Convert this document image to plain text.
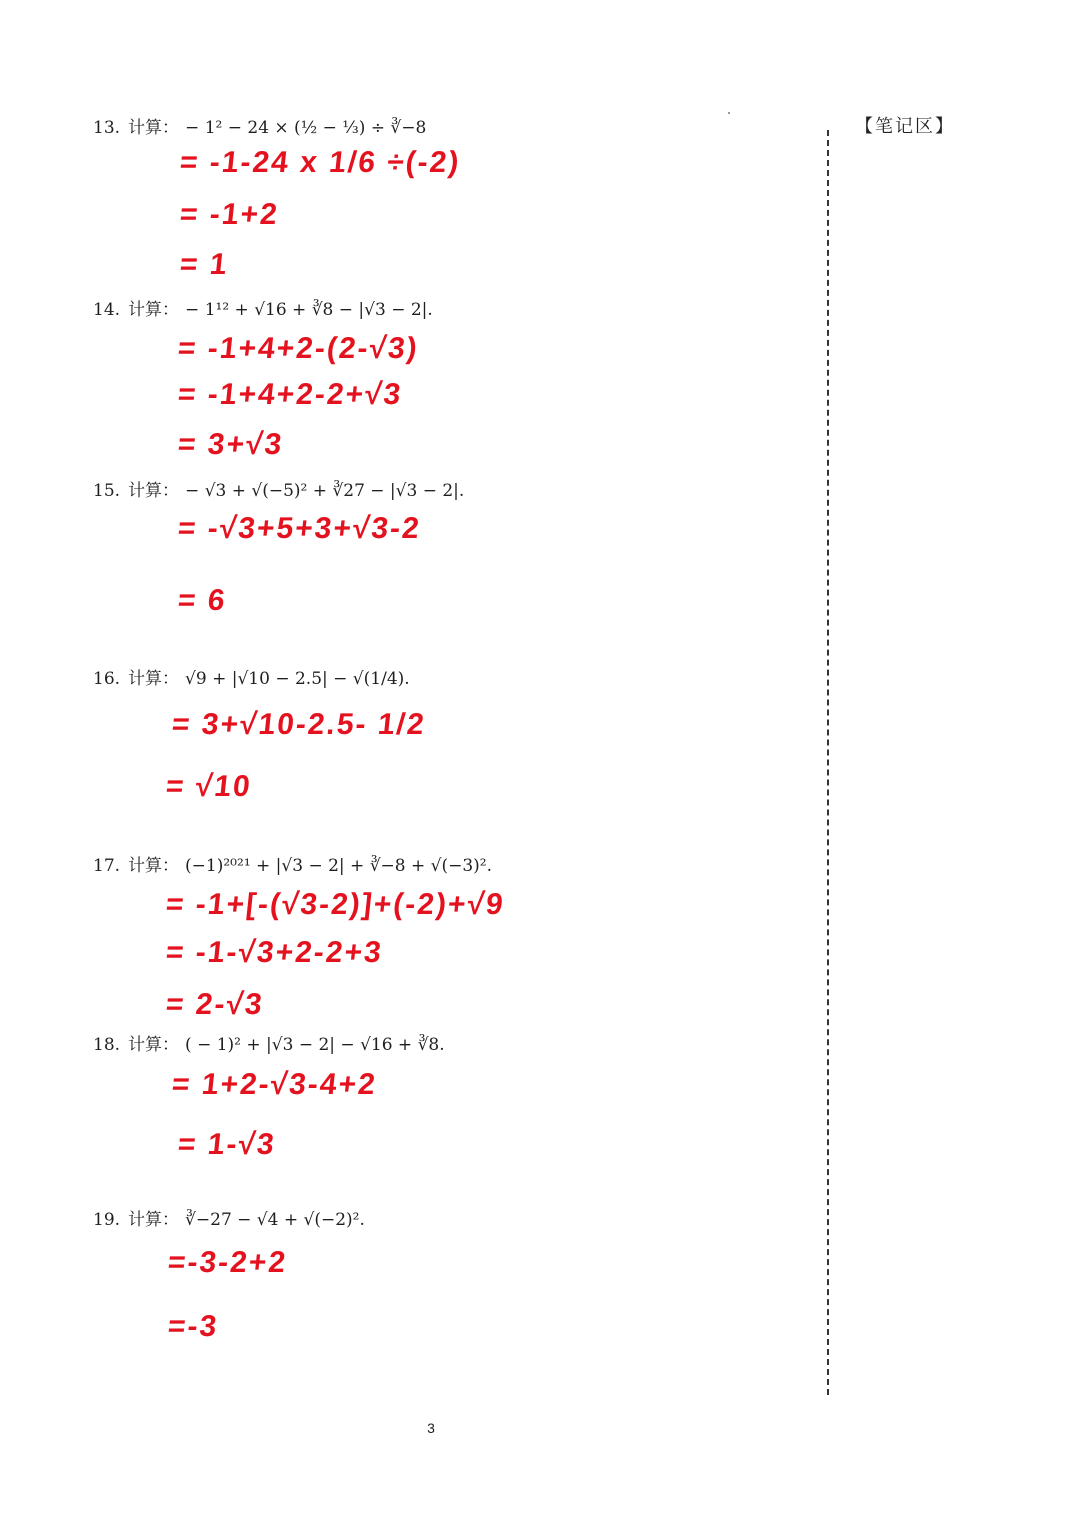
【笔记区】
13. 计算： − 1² − 24 × (½ − ⅓) ÷ ∛−8
= -1-24 x 1/6 ÷(-2)
= -1+2
= 1
14. 计算： − 1¹² + √16 + ∛8 − |√3 − 2|.
= -1+4+2-(2-√3)
= -1+4+2-2+√3
= 3+√3
15. 计算： − √3 + √(−5)² + ∛27 − |√3 − 2|.
= -√3+5+3+√3-2
= 6
16. 计算： √9 + |√10 − 2.5| − √(1/4).
= 3+√10-2.5- 1/2
= √10
17. 计算： (−1)²⁰²¹ + |√3 − 2| + ∛−8 + √(−3)².
= -1+[-(√3-2)]+(-2)+√9
= -1-√3+2-2+3
= 2-√3
18. 计算： ( − 1)² + |√3 − 2| − √16 + ∛8.
= 1+2-√3-4+2
= 1-√3
19. 计算： ∛−27 − √4 + √(−2)².
=-3-2+2
=-3
3
